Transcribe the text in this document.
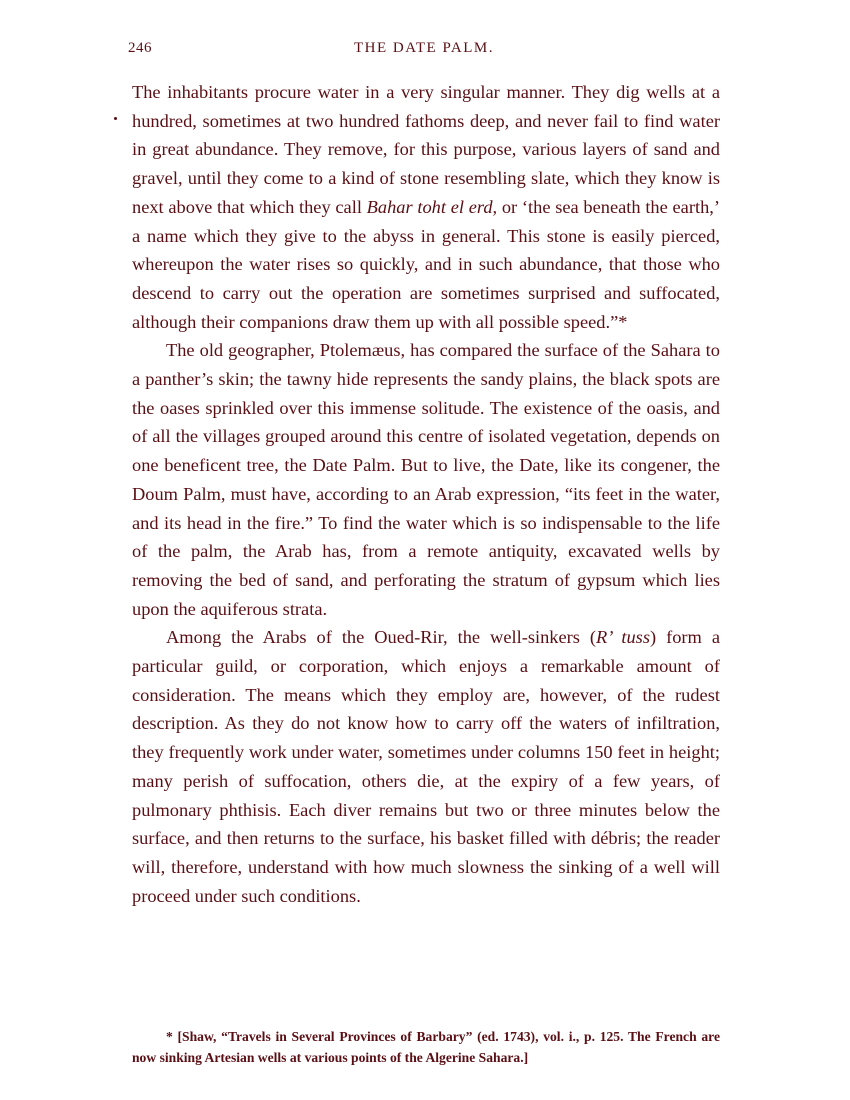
246	THE DATE PALM.

The inhabitants procure water in a very singular manner. They dig wells at a hundred, sometimes at two hundred fathoms deep, and never fail to find water in great abundance. They remove, for this purpose, various layers of sand and gravel, until they come to a kind of stone resembling slate, which they know is next above that which they call Bahar toht el erd, or ‘the sea beneath the earth,’ a name which they give to the abyss in general. This stone is easily pierced, whereupon the water rises so quickly, and in such abundance, that those who descend to carry out the operation are sometimes surprised and suffocated, although their companions draw them up with all possible speed.”*

The old geographer, Ptolemæus, has compared the surface of the Sahara to a panther’s skin; the tawny hide represents the sandy plains, the black spots are the oases sprinkled over this immense solitude. The existence of the oasis, and of all the villages grouped around this centre of isolated vegetation, depends on one beneficent tree, the Date Palm. But to live, the Date, like its congener, the Doum Palm, must have, according to an Arab expression, “its feet in the water, and its head in the fire.” To find the water which is so indispensable to the life of the palm, the Arab has, from a remote antiquity, excavated wells by removing the bed of sand, and perforating the stratum of gypsum which lies upon the aquiferous strata.

Among the Arabs of the Oued-Rir, the well-sinkers (R’ tuss) form a particular guild, or corporation, which enjoys a remarkable amount of consideration. The means which they employ are, however, of the rudest description. As they do not know how to carry off the waters of infiltration, they frequently work under water, sometimes under columns 150 feet in height; many perish of suffocation, others die, at the expiry of a few years, of pulmonary phthisis. Each diver remains but two or three minutes below the surface, and then returns to the surface, his basket filled with débris; the reader will, therefore, understand with how much slowness the sinking of a well will proceed under such conditions.

* [Shaw, “Travels in Several Provinces of Barbary” (ed. 1743), vol. i., p. 125. The French are now sinking Artesian wells at various points of the Algerine Sahara.]
